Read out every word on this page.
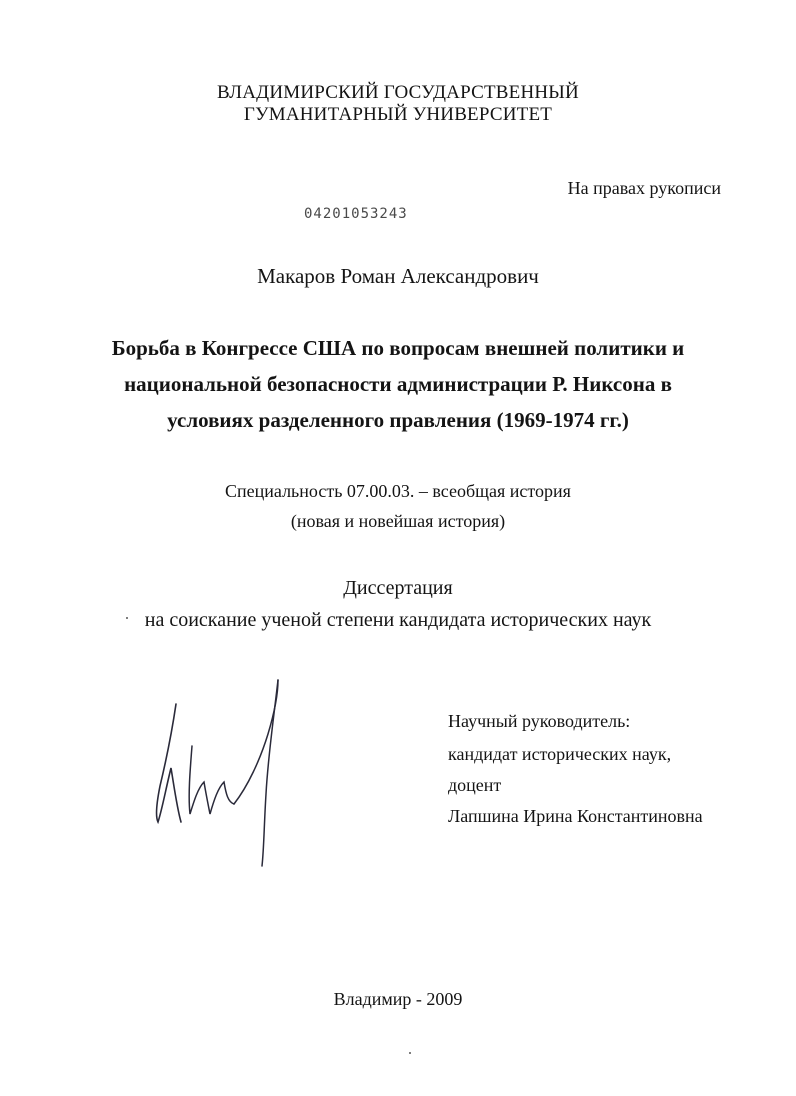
ВЛАДИМИРСКИЙ ГОСУДАРСТВЕННЫЙ
ГУМАНИТАРНЫЙ УНИВЕРСИТЕТ
На правах рукописи
04201053243
Макаров Роман Александрович
Борьба в Конгрессе США по вопросам внешней политики и
национальной безопасности администрации Р. Никсона в
условиях разделенного правления (1969-1974 гг.)
Специальность 07.00.03. – всеобщая история
(новая и новейшая история)
Диссертация
на соискание ученой степени кандидата исторических наук
Научный руководитель:
кандидат исторических наук,
доцент
Лапшина Ирина Константиновна
Владимир - 2009
